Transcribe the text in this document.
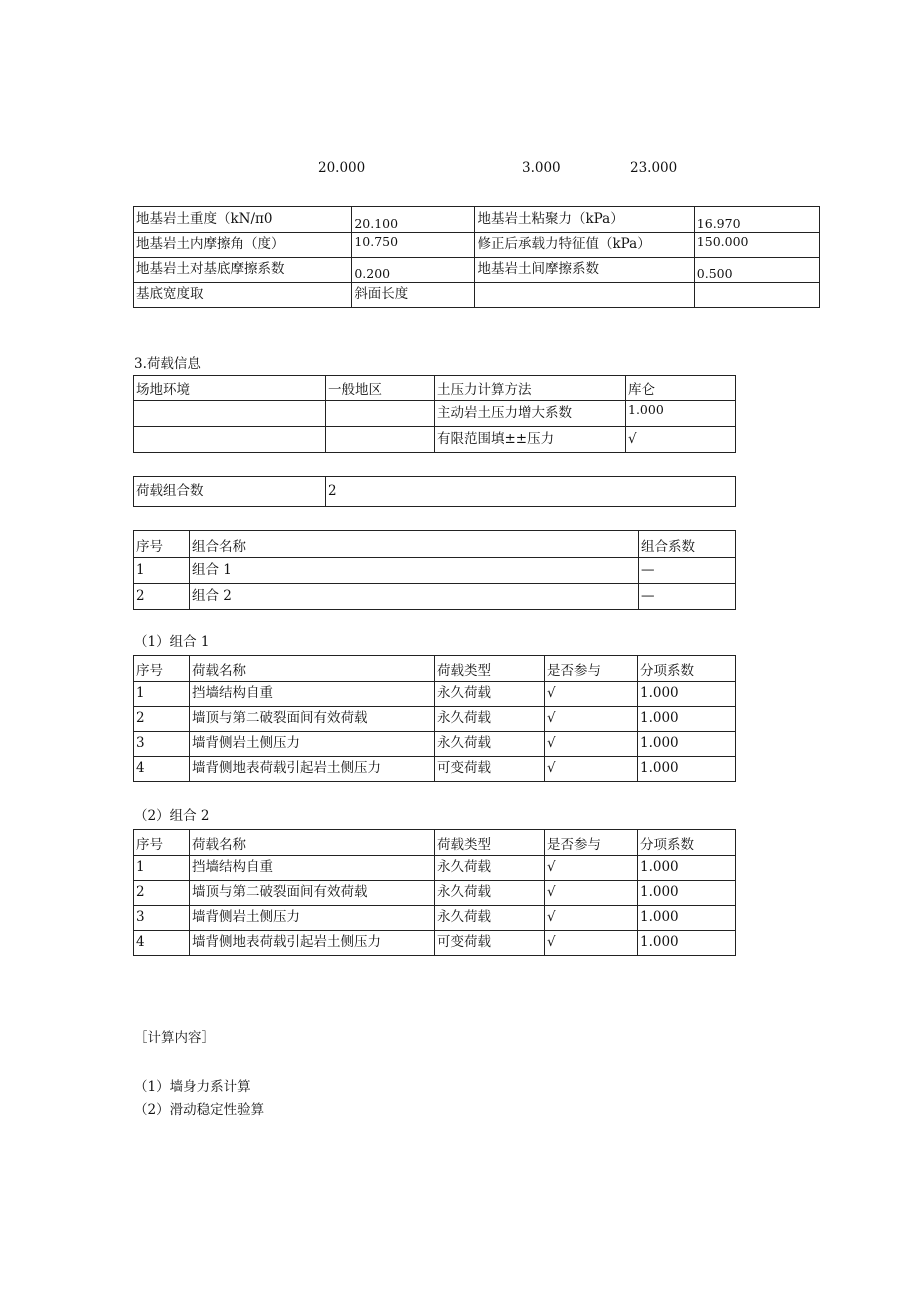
20.000	3.000	23.000
地基岩土重度（kN/π0	20.100	地基岩土粘聚力（kPa）	16.970
地基岩土内摩擦角（度）	10.750	修正后承载力特征值（kPa）	150.000
地基岩土对基底摩擦系数	0.200	地基岩土间摩擦系数	0.500
基底宽度取	斜面长度		
3.荷载信息
场地环境	一般地区	土压力计算方法	库仑
		主动岩土压力增大系数	1.000
		有限范围填±±压力	√
荷载组合数	2
序号	组合名称	组合系数
1	组合 1	—
2	组合 2	—
（1）组合 1
序号	荷载名称	荷载类型	是否参与	分项系数
1	挡墙结构自重	永久荷载	√	1.000
2	墙顶与第二破裂面间有效荷载	永久荷载	√	1.000
3	墙背侧岩土侧压力	永久荷载	√	1.000
4	墙背侧地表荷载引起岩土侧压力	可变荷载	√	1.000
（2）组合 2
序号	荷载名称	荷载类型	是否参与	分项系数
1	挡墙结构自重	永久荷载	√	1.000
2	墙顶与第二破裂面间有效荷载	永久荷载	√	1.000
3	墙背侧岩土侧压力	永久荷载	√	1.000
4	墙背侧地表荷载引起岩土侧压力	可变荷载	√	1.000
［计算内容］
（1）墙身力系计算
（2）滑动稳定性验算
